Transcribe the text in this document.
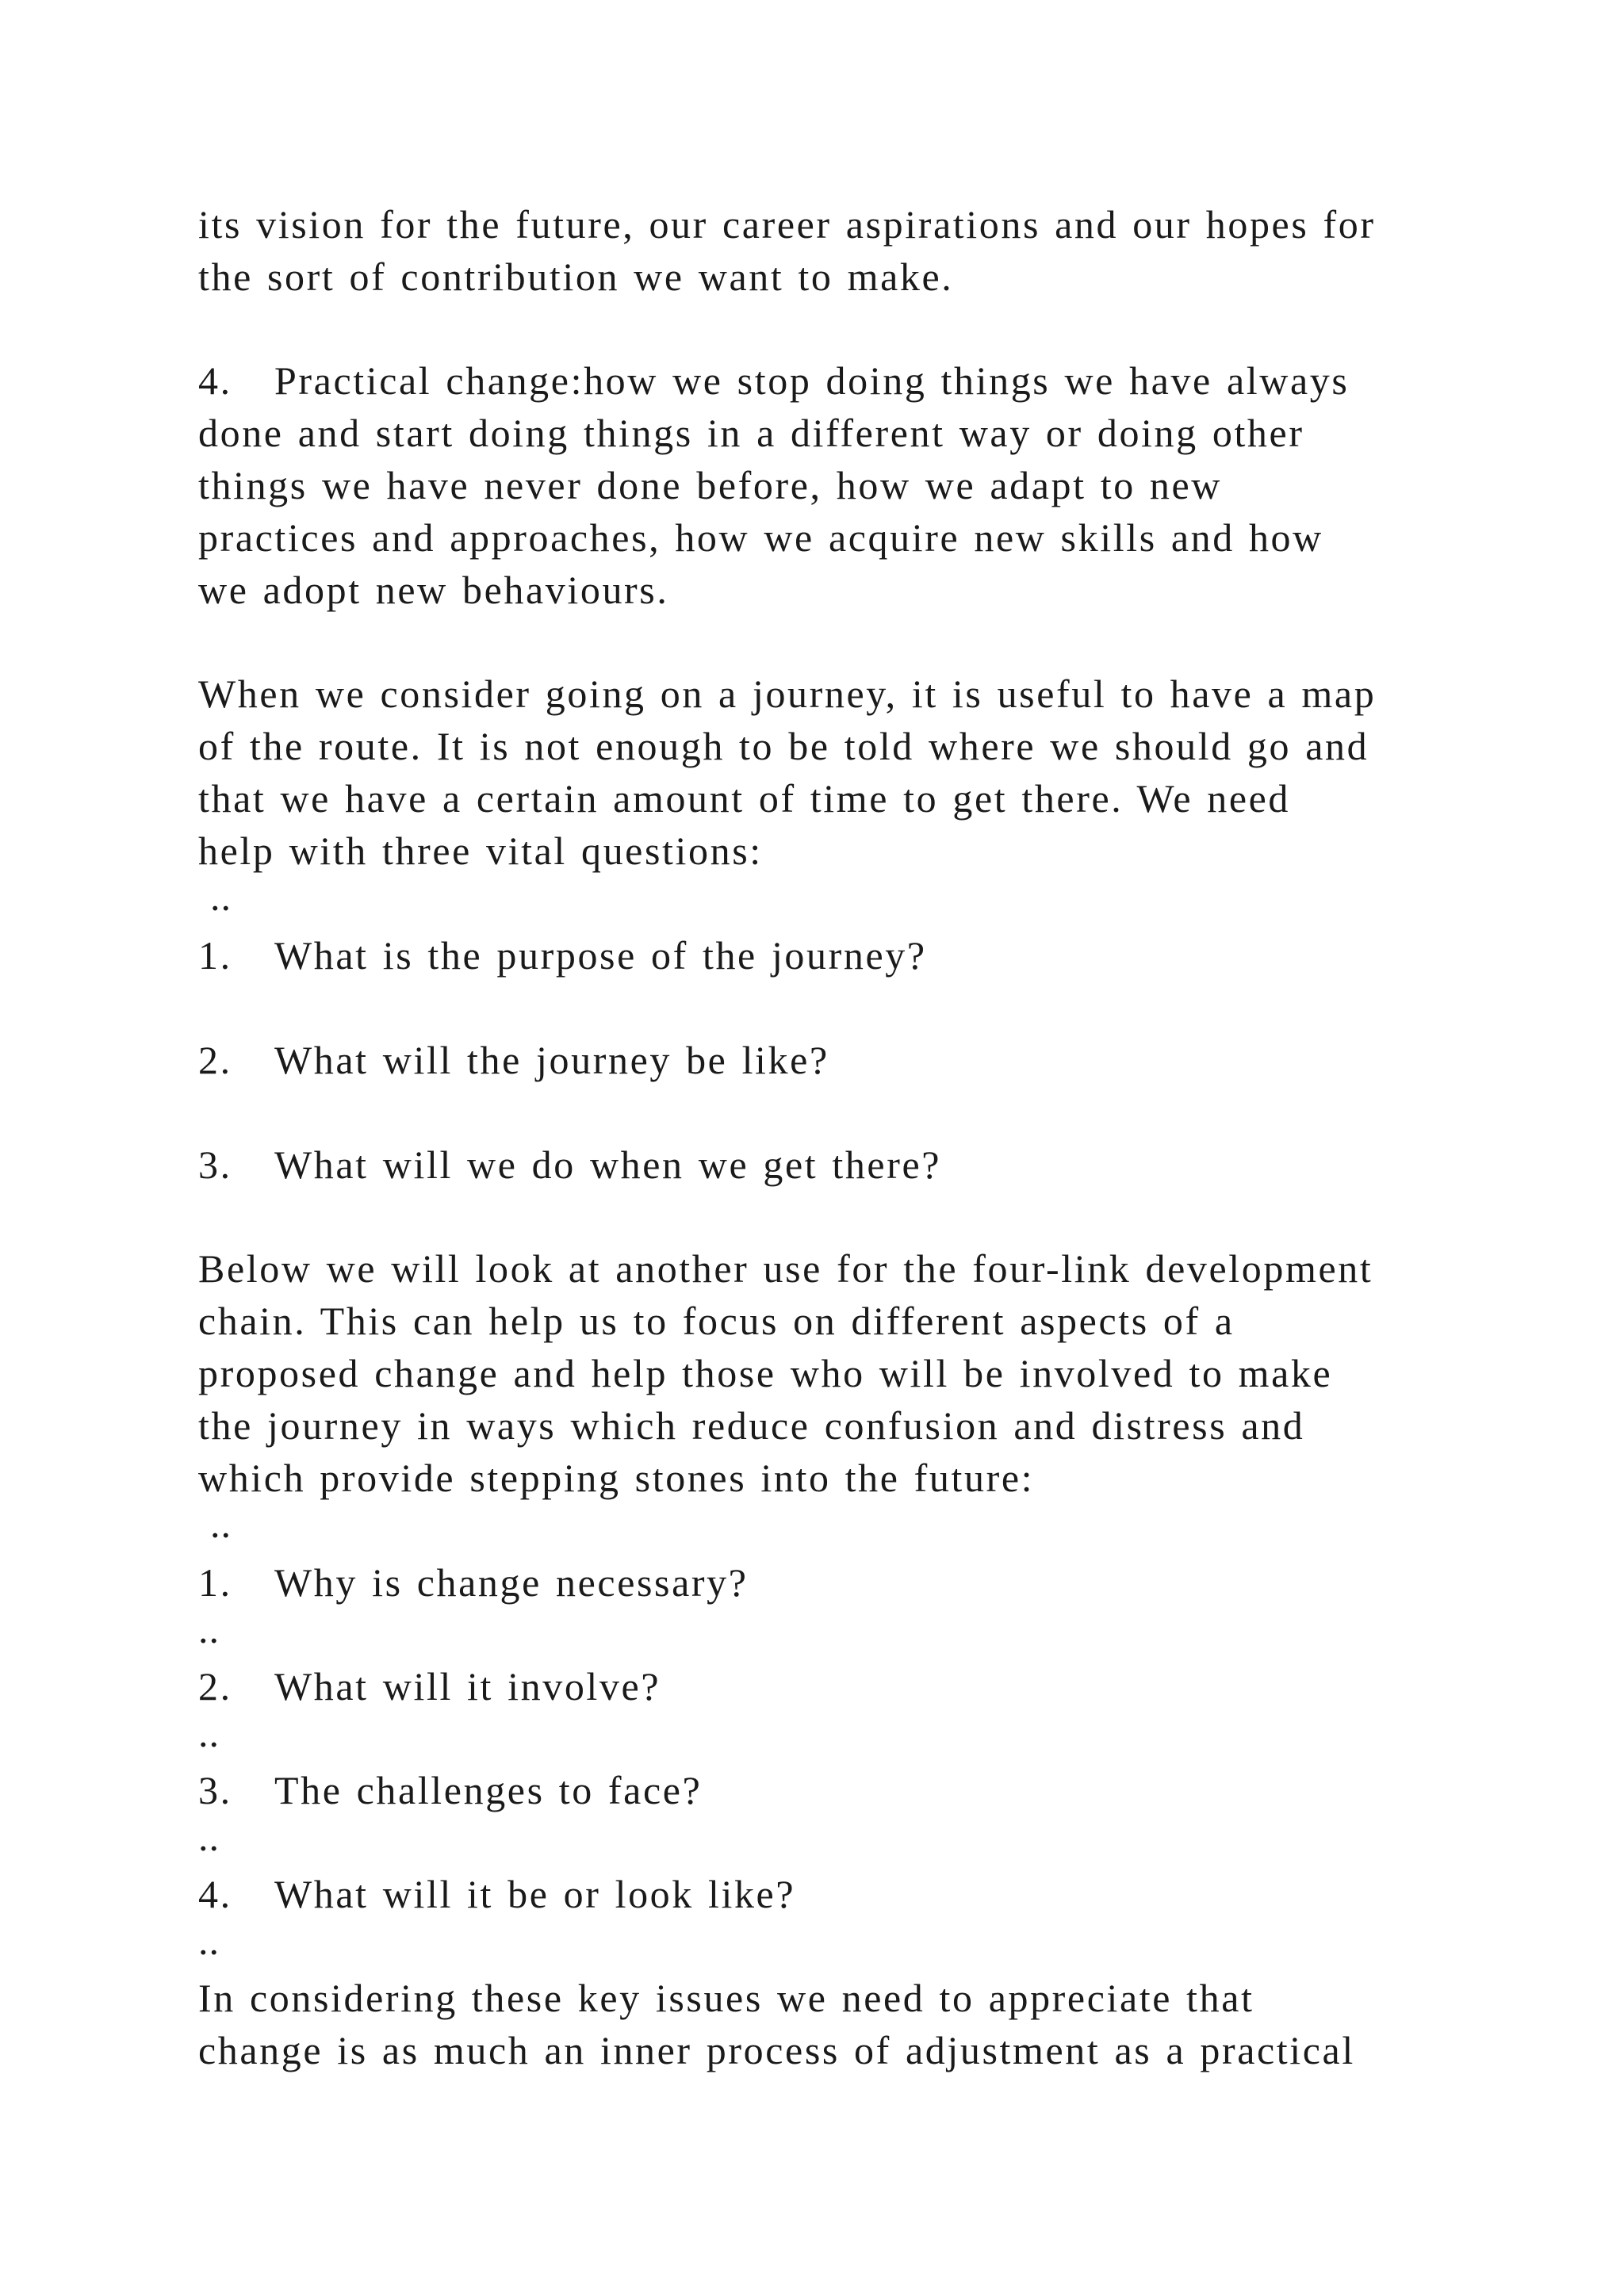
its vision for the future, our career aspirations and our hopes for
the sort of contribution we want to make.
4. Practical change:how we stop doing things we have always
done and start doing things in a different way or doing other
things we have never done before, how we adapt to new
practices and approaches, how we acquire new skills and how
we adopt new behaviours.
When we consider going on a journey, it is useful to have a map
of the route. It is not enough to be told where we should go and
that we have a certain amount of time to get there. We need
help with three vital questions:
..
1. What is the purpose of the journey?
2. What will the journey be like?
3. What will we do when we get there?
Below we will look at another use for the four-link development
chain. This can help us to focus on different aspects of a
proposed change and help those who will be involved to make
the journey in ways which reduce confusion and distress and
which provide stepping stones into the future:
..
1. Why is change necessary?
..
2. What will it involve?
..
3. The challenges to face?
..
4. What will it be or look like?
..
In considering these key issues we need to appreciate that
change is as much an inner process of adjustment as a practical
